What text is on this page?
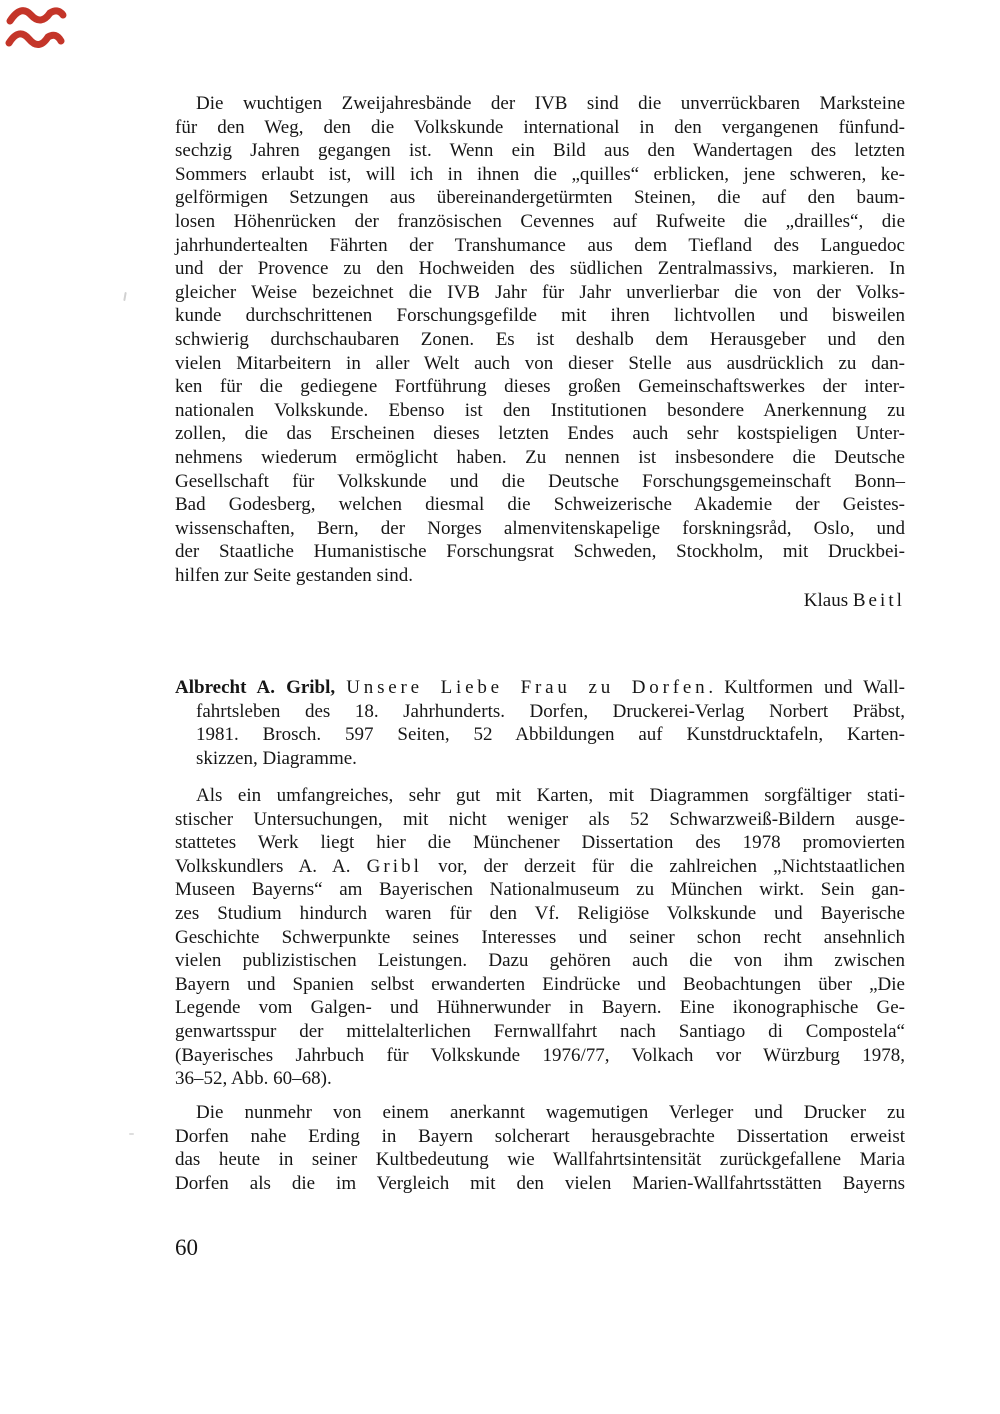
Die wuchtigen Zweijahresbände der IVB sind die unverrückbaren Marksteine
für den Weg, den die Volkskunde international in den vergangenen fünfund-
sechzig Jahren gegangen ist. Wenn ein Bild aus den Wandertagen des letzten
Sommers erlaubt ist, will ich in ihnen die „quilles“ erblicken, jene schweren, ke-
gelförmigen Setzungen aus übereinandergetürmten Steinen, die auf den baum-
losen Höhenrücken der französischen Cevennes auf Rufweite die „drailles“, die
jahrhundertealten Fährten der Transhumance aus dem Tiefland des Languedoc
und der Provence zu den Hochweiden des südlichen Zentralmassivs, markieren. In
gleicher Weise bezeichnet die IVB Jahr für Jahr unverlierbar die von der Volks-
kunde durchschrittenen Forschungsgefilde mit ihren lichtvollen und bisweilen
schwierig durchschaubaren Zonen. Es ist deshalb dem Herausgeber und den
vielen Mitarbeitern in aller Welt auch von dieser Stelle aus ausdrücklich zu dan-
ken für die gediegene Fortführung dieses großen Gemeinschaftswerkes der inter-
nationalen Volkskunde. Ebenso ist den Institutionen besondere Anerkennung zu
zollen, die das Erscheinen dieses letzten Endes auch sehr kostspieligen Unter-
nehmens wiederum ermöglicht haben. Zu nennen ist insbesondere die Deutsche
Gesellschaft für Volkskunde und die Deutsche Forschungsgemeinschaft Bonn–
Bad Godesberg, welchen diesmal die Schweizerische Akademie der Geistes-
wissenschaften, Bern, der Norges almenvitenskapelige forskningsråd, Oslo, und
der Staatliche Humanistische Forschungsrat Schweden, Stockholm, mit Druckbei-
hilfen zur Seite gestanden sind.
Klaus Beitl
Albrecht A. Gribl, Unsere Liebe Frau zu Dorfen. Kultformen und Wall-
fahrtsleben des 18. Jahrhunderts. Dorfen, Druckerei-Verlag Norbert Präbst,
1981. Brosch. 597 Seiten, 52 Abbildungen auf Kunstdrucktafeln, Karten-
skizzen, Diagramme.
Als ein umfangreiches, sehr gut mit Karten, mit Diagrammen sorgfältiger stati-
stischer Untersuchungen, mit nicht weniger als 52 Schwarzweiß-Bildern ausge-
stattetes Werk liegt hier die Münchener Dissertation des 1978 promovierten
Volkskundlers A. A. Gribl vor, der derzeit für die zahlreichen „Nichtstaatlichen
Museen Bayerns“ am Bayerischen Nationalmuseum zu München wirkt. Sein gan-
zes Studium hindurch waren für den Vf. Religiöse Volkskunde und Bayerische
Geschichte Schwerpunkte seines Interesses und seiner schon recht ansehnlich
vielen publizistischen Leistungen. Dazu gehören auch die von ihm zwischen
Bayern und Spanien selbst erwanderten Eindrücke und Beobachtungen über „Die
Legende vom Galgen- und Hühnerwunder in Bayern. Eine ikonographische Ge-
genwartsspur der mittelalterlichen Fernwallfahrt nach Santiago di Compostela“
(Bayerisches Jahrbuch für Volkskunde 1976/77, Volkach vor Würzburg 1978,
36–52, Abb. 60–68).
Die nunmehr von einem anerkannt wagemutigen Verleger und Drucker zu
Dorfen nahe Erding in Bayern solcherart herausgebrachte Dissertation erweist
das heute in seiner Kultbedeutung wie Wallfahrtsintensität zurückgefallene Maria
Dorfen als die im Vergleich mit den vielen Marien-Wallfahrtsstätten Bayerns
60
